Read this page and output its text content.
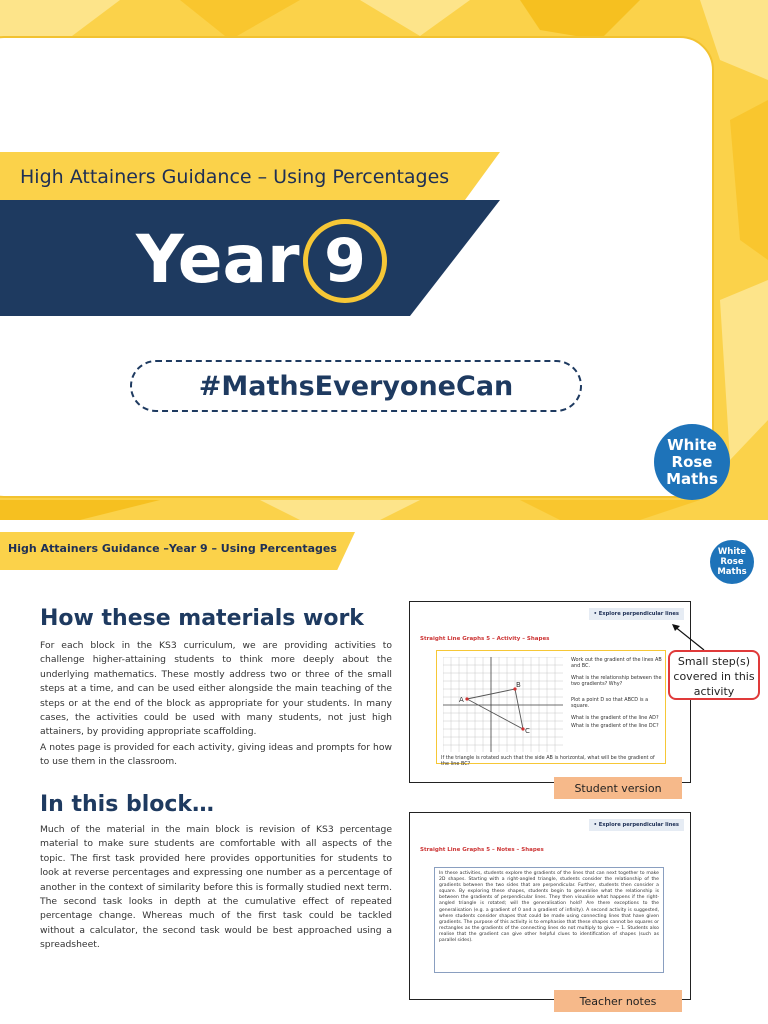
High Attainers Guidance – Using Percentages
Year 9
#MathsEveryoneCan
White
Rose
Maths
High Attainers Guidance –Year 9 – Using Percentages	White
Rose
Maths
How these materials work
For each block in the KS3 curriculum, we are providing activities to challenge higher-attaining students to think more deeply about the underlying mathematics. These mostly address two or three of the small steps at a time, and can be used either alongside the main teaching of the steps or at the end of the block as appropriate for your students. In many cases, the activities could be used with many students, not just high attainers, by providing appropriate scaffolding.
A notes page is provided for each activity, giving ideas and prompts for how to use them in the classroom.
In this block…
Much of the material in the main block is revision of KS3 percentage material to make sure students are comfortable with all aspects of the topic. The first task provided here provides opportunities for students to look at reverse percentages and expressing one number as a percentage of another in the context of similarity before this is formally studied next term. The second task looks in depth at the cumulative effect of repeated percentage change. Whereas much of the first task could be tackled without a calculator, the second task would be best approached using a spreadsheet.
• Explore perpendicular lines
Straight Line Graphs 5 – Activity – Shapes
A
B
C
Work out the gradient of the lines AB and BC.
What is the relationship between the two gradients? Why?
Plot a point D so that ABCD is a square.
What is the gradient of the line AD?
What is the gradient of the line DC?
If the triangle is rotated such that the side AB is horizontal, what will be the gradient of the line BC?
Student version
Small step(s) covered in this activity
• Explore perpendicular lines
Straight Line Graphs 5 – Notes – Shapes
In these activities, students explore the gradients of the lines that can next together to make 2D shapes. Starting with a right-angled triangle, students consider the relationship of the gradients between the two sides that are perpendicular. Further, students then consider a square. By exploring these shapes, students begin to generalise what the relationship is between the gradients of perpendicular lines. They then visualise what happens if the right-angled triangle is rotated; will the generalisation hold? Are there exceptions to the generalisation (e.g. a gradient of 0 and a gradient of infinity). A second activity is suggested, where students consider shapes that could be made using connecting lines that have given gradients. The purpose of this activity is to emphasise that these shapes cannot be squares or rectangles as the gradients of the connecting lines do not multiply to give − 1. Students also realise that the gradient can give other helpful clues to identification of shapes (such as parallel sides).
Teacher notes
